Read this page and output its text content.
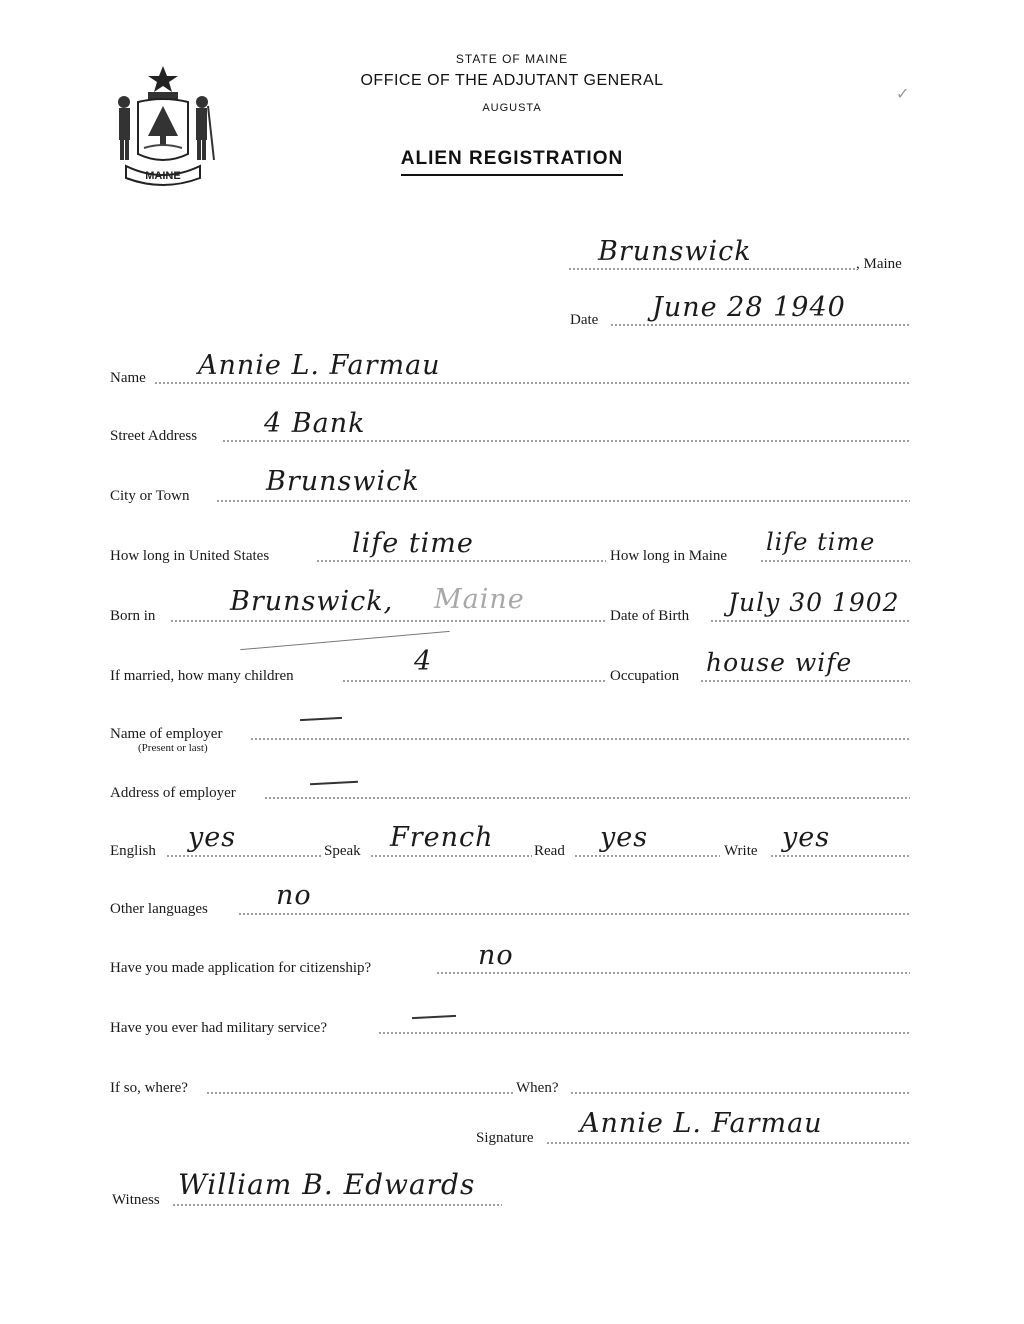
MAINE
STATE OF MAINE
OFFICE OF THE ADJUTANT GENERAL
AUGUSTA
ALIEN REGISTRATION
✓
Brunswick	, Maine
Date June 28 1940
Name Annie L. Farmau
Street Address 4 Bank
City or Town	Brunswick
How long in United States	life time	How long in Maine life time
Born in	Brunswick, Maine
Date of Birth July 30 1902
If married, how many children	4	Occupation house wife
Name of employer
(Present or last)
Address of employer
English yes	Speak French	Read yes	Write yes
Other languages	no
Have you made application for citizenship?	no
Have you ever had military service?
If so, where?	When?
Signature Annie L. Farmau
Witness William B. Edwards
